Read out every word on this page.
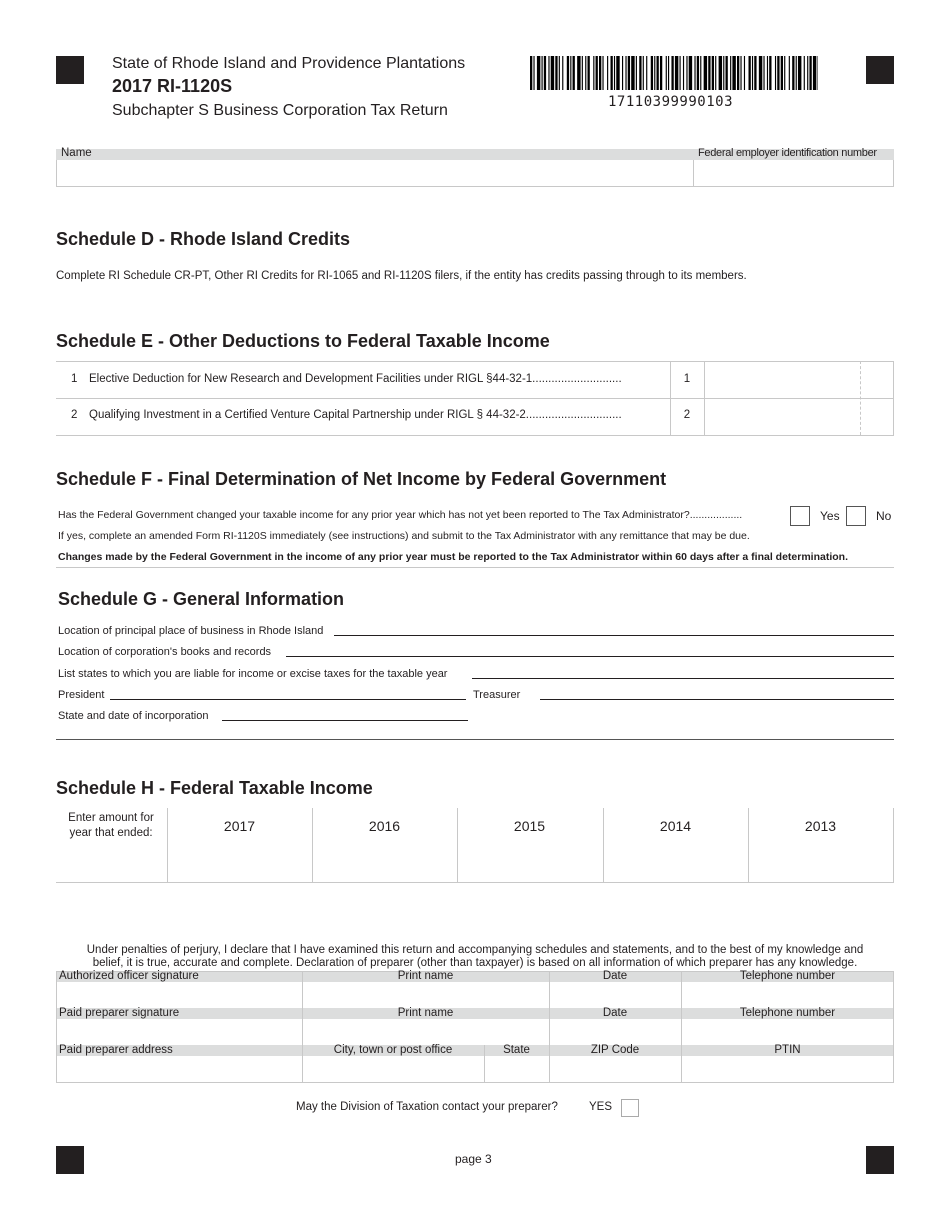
State of Rhode Island and Providence Plantations
2017 RI-1120S
Subchapter S Business Corporation Tax Return	17110399990103
Name	Federal employer identification number
Schedule D - Rhode Island Credits
Complete RI Schedule CR-PT, Other RI Credits for RI-1065 and RI-1120S filers, if the entity has credits passing through to its members.
Schedule E - Other Deductions to Federal Taxable Income
1 Elective Deduction for New Research and Development Facilities under RIGL §44-32-1............................	1
2 Qualifying Investment in a Certified Venture Capital Partnership under RIGL § 44-32-2..............................	2
Schedule F - Final Determination of Net Income by Federal Government
Has the Federal Government changed your taxable income for any prior year which has not yet been reported to The Tax Administrator?..................	Yes	No
If yes, complete an amended Form RI-1120S immediately (see instructions) and submit to the Tax Administrator with any remittance that may be due.
Changes made by the Federal Government in the income of any prior year must be reported to the Tax Administrator within 60 days after a final determination.
Schedule G - General Information
Location of principal place of business in Rhode Island
Location of corporation's books and records
List states to which you are liable for income or excise taxes for the taxable year
President	Treasurer
State and date of incorporation
Schedule H - Federal Taxable Income
Enter amount for
year that ended:	2017	2016	2015	2014	2013
Under penalties of perjury, I declare that I have examined this return and accompanying schedules and statements, and to the best of my knowledge and
belief, it is true, accurate and complete. Declaration of preparer (other than taxpayer) is based on all information of which preparer has any knowledge.
Authorized officer signature	Print name	Date	Telephone number
Paid preparer signature	Print name	Date	Telephone number
Paid preparer address	City, town or post office	State	ZIP Code	PTIN
May the Division of Taxation contact your preparer?	YES
page 3
